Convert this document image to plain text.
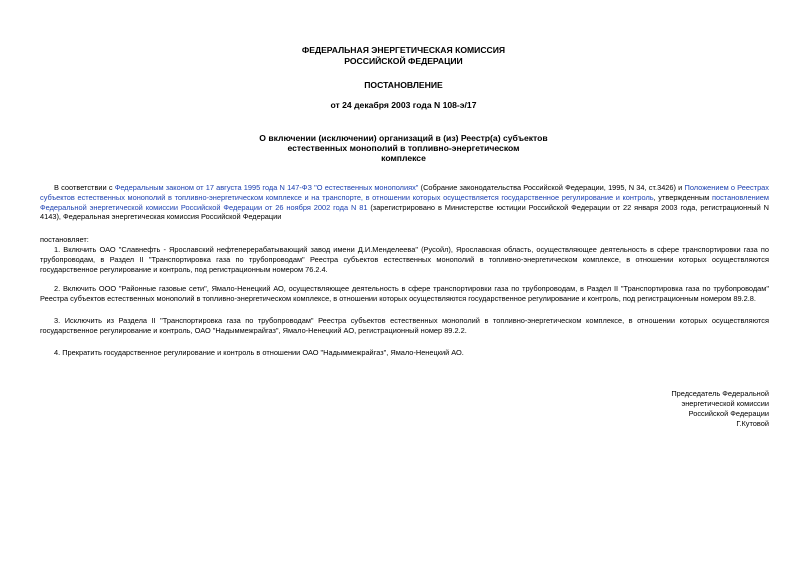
ФЕДЕРАЛЬНАЯ ЭНЕРГЕТИЧЕСКАЯ КОМИССИЯ
РОССИЙСКОЙ ФЕДЕРАЦИИ
ПОСТАНОВЛЕНИЕ
от 24 декабря 2003 года N 108-э/17
О включении (исключении) организаций в (из) Реестр(а) субъектов
естественных монополий в топливно-энергетическом
комплексе
В соответствии с Федеральным законом от 17 августа 1995 года N 147-ФЗ "О естественных монополиях" (Собрание законодательства Российской Федерации, 1995, N 34, ст.3426) и Положением о Реестрах субъектов естественных монополий в топливно-энергетическом комплексе и на транспорте, в отношении которых осуществляется государственное регулирование и контроль, утвержденным постановлением Федеральной энергетической комиссии Российской Федерации от 26 ноября 2002 года N 81 (зарегистрировано в Министерстве юстиции Российской Федерации от 22 января 2003 года, регистрационный N 4143), Федеральная энергетическая комиссия Российской Федерации
постановляет:
1. Включить ОАО "Славнефть - Ярославский нефтеперерабатывающий завод имени Д.И.Менделеева" (Русойл), Ярославская область, осуществляющее деятельность в сфере транспортировки газа по трубопроводам, в Раздел II "Транспортировка газа по трубопроводам" Реестра субъектов естественных монополий в топливно-энергетическом комплексе, в отношении которых осуществляются государственное регулирование и контроль, под регистрационным номером 76.2.4.
2. Включить ООО "Районные газовые сети", Ямало-Ненецкий АО, осуществляющее деятельность в сфере транспортировки газа по трубопроводам, в Раздел II "Транспортировка газа по трубопроводам" Реестра субъектов естественных монополий в топливно-энергетическом комплексе, в отношении которых осуществляются государственное регулирование и контроль, под регистрационным номером 89.2.8.
3. Исключить из Раздела II "Транспортировка газа по трубопроводам" Реестра субъектов естественных монополий в топливно-энергетическом комплексе, в отношении которых осуществляются государственное регулирование и контроль, ОАО "Надыммежрайгаз", Ямало-Ненецкий АО, регистрационный номер 89.2.2.
4. Прекратить государственное регулирование и контроль в отношении ОАО "Надыммежрайгаз", Ямало-Ненецкий АО.
Председатель Федеральной
энергетической комиссии
Российской Федерации
Г.Кутовой
